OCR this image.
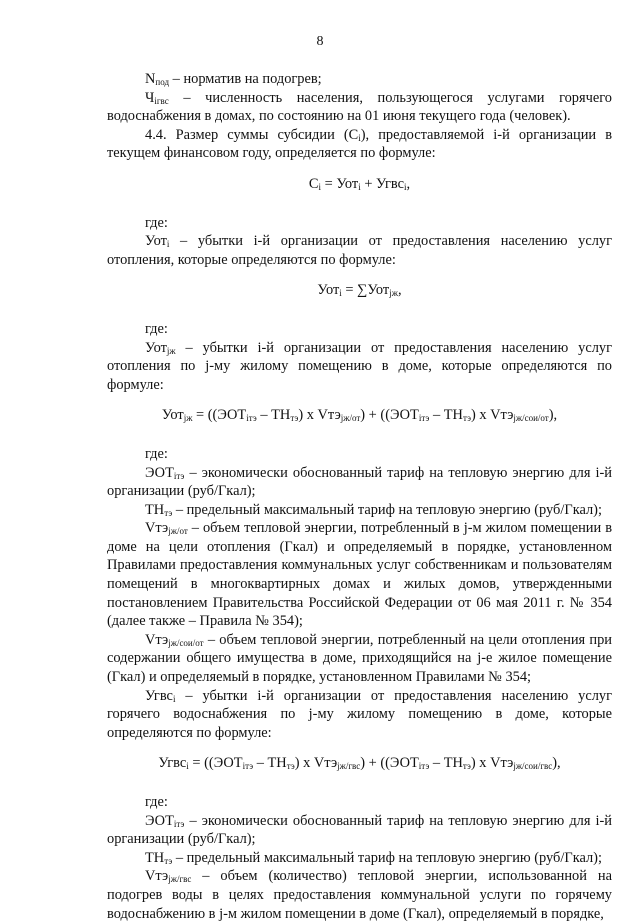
8

$N_{под}$ – норматив на подогрев;

$Ч_{iгвс}$ – численность населения, пользующегося услугами горячего водоснабжения в домах, по состоянию на 01 июня текущего года (человек).

4.4. Размер суммы субсидии $(C_i)$, предоставляемой i-й организации в текущем финансовом году, определяется по формуле:

$C_i = Уот_i$ + Угвс$_i$,

где:

Уот$_i$ – убытки i-й организации от предоставления населению услуг отопления, которые определяются по формуле:

Уот$_i$ = ∑Уот$_{jж}$,

где:

Уот$_{jж}$ – убытки i-й организации от предоставления населению услуг отопления по j-му жилому помещению в доме, которые определяются по формуле:

$Уот_{jж} = ((ЭОТ_{iтэ} - ТН_{тэ})$ х $Vтэ_{jж/от}) + ((ЭОТ_{iтэ} - ТН_{тэ})$ х Vтэ$_{jж/сои/от}$),

где:

$ЭОТ_{iтэ}$ – экономически обоснованный тариф на тепловую энергию для i-й организации (руб/Гкал);

$ТН_{тэ}$ – предельный максимальный тариф на тепловую энергию (руб/Гкал);

Vтэ$_{jж/от}$ – объем тепловой энергии, потребленный в j-м жилом помещении в доме на цели отопления (Гкал) и определяемый в порядке, установленном Правилами предоставления коммунальных услуг собственникам и пользователям помещений в многоквартирных домах и жилых домов, утвержденными постановлением Правительства Российской Федерации от 06 мая 2011 г. № 354 (далее также – Правила № 354);

Vтэ$_{jж/сои/от}$ – объем тепловой энергии, потребленный на цели отопления при содержании общего имущества в доме, приходящийся на j-е жилое помещение (Гкал) и определяемый в порядке, установленном Правилами № 354;

Угвс$_i$ – убытки i-й организации от предоставления населению услуг горячего водоснабжения по j-му жилому помещению в доме, которые определяются по формуле:

Угвс$_i$ = ($(ЭОТ_{iтэ} - ТН_{тэ})$ х $Vтэ_{jж/гвс}) + ((ЭОТ_{iтэ} - ТН_{тэ})$ х Vтэ$_{jж/сои/гвс}$),

где:

$ЭОТ_{iтэ}$ – экономически обоснованный тариф на тепловую энергию для i-й организации (руб/Гкал);

$ТН_{тэ}$ – предельный максимальный тариф на тепловую энергию (руб/Гкал);

Vтэ$_{jж/гвс}$ – объем (количество) тепловой энергии, использованной на подогрев воды в целях предоставления коммунальной услуги по горячему водоснабжению в j-м жилом помещении в доме (Гкал), определяемый в порядке,
